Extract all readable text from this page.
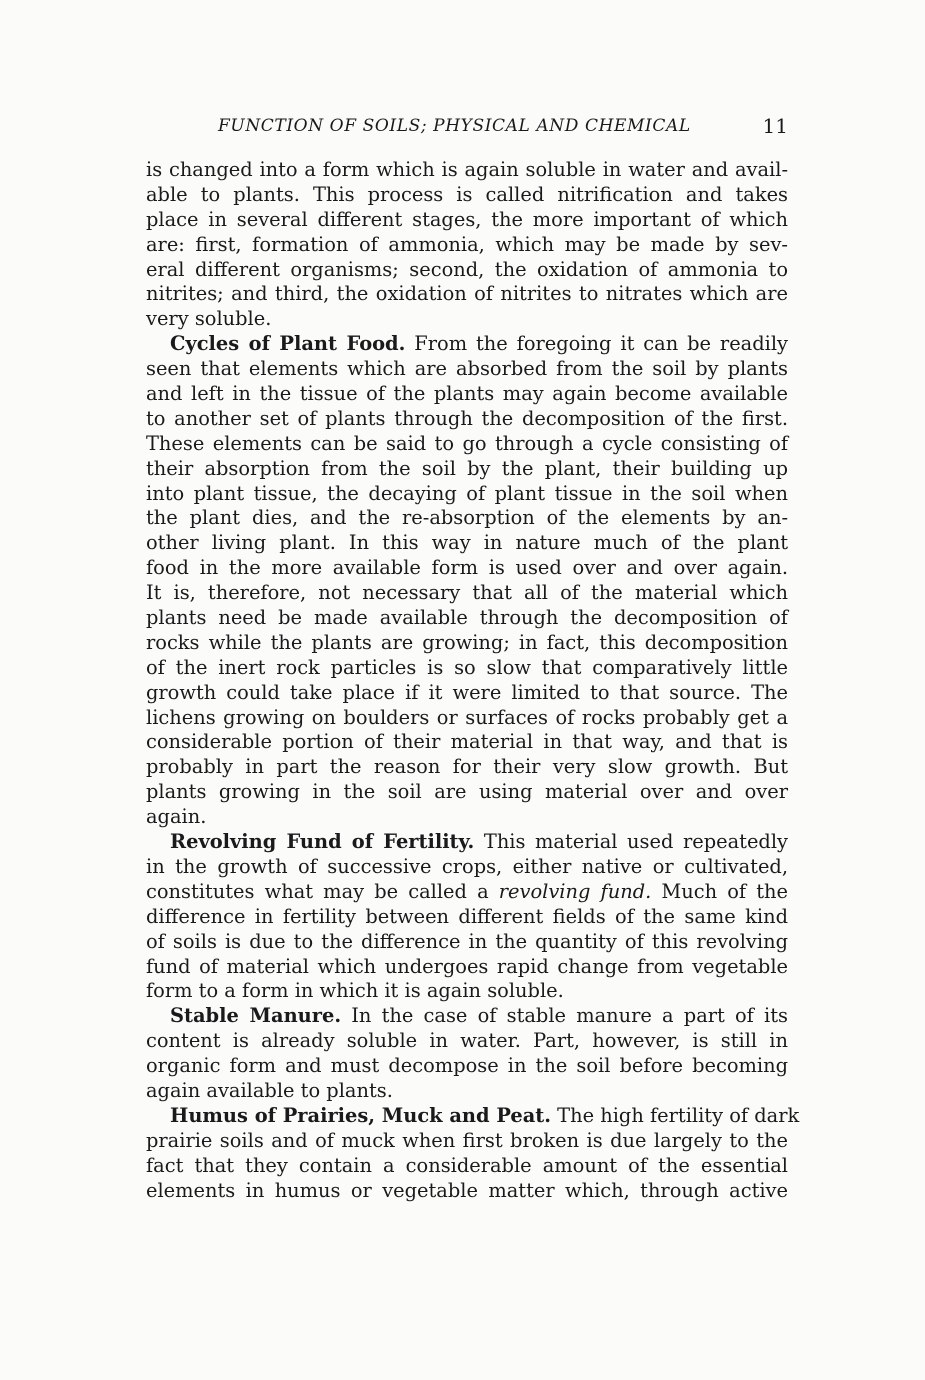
FUNCTION OF SOILS; PHYSICAL AND CHEMICAL	11
is changed into a form which is again soluble in water and avail-
able to plants. This process is called nitrification and takes
place in several different stages, the more important of which
are: first, formation of ammonia, which may be made by sev-
eral different organisms; second, the oxidation of ammonia to
nitrites; and third, the oxidation of nitrites to nitrates which are
very soluble.
Cycles of Plant Food. From the foregoing it can be readily
seen that elements which are absorbed from the soil by plants
and left in the tissue of the plants may again become available
to another set of plants through the decomposition of the first.
These elements can be said to go through a cycle consisting of
their absorption from the soil by the plant, their building up
into plant tissue, the decaying of plant tissue in the soil when
the plant dies, and the re-absorption of the elements by an-
other living plant. In this way in nature much of the plant
food in the more available form is used over and over again.
It is, therefore, not necessary that all of the material which
plants need be made available through the decomposition of
rocks while the plants are growing; in fact, this decomposition
of the inert rock particles is so slow that comparatively little
growth could take place if it were limited to that source. The
lichens growing on boulders or surfaces of rocks probably get a
considerable portion of their material in that way, and that is
probably in part the reason for their very slow growth. But
plants growing in the soil are using material over and over
again.
Revolving Fund of Fertility. This material used repeatedly
in the growth of successive crops, either native or cultivated,
constitutes what may be called a revolving fund. Much of the
difference in fertility between different fields of the same kind
of soils is due to the difference in the quantity of this revolving
fund of material which undergoes rapid change from vegetable
form to a form in which it is again soluble.
Stable Manure. In the case of stable manure a part of its
content is already soluble in water. Part, however, is still in
organic form and must decompose in the soil before becoming
again available to plants.
Humus of Prairies, Muck and Peat. The high fertility of dark
prairie soils and of muck when first broken is due largely to the
fact that they contain a considerable amount of the essential
elements in humus or vegetable matter which, through active
